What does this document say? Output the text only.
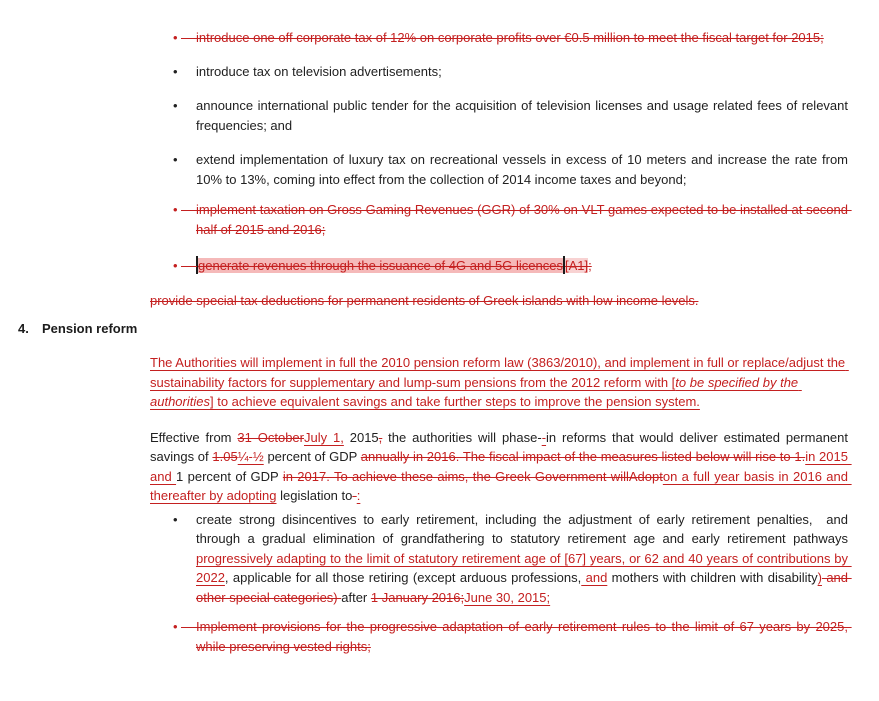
•	introduce one off corporate tax of 12% on corporate profits over €0.5 million to meet the fiscal target for 2015;
•	introduce tax on television advertisements;
•	announce international public tender for the acquisition of television licenses and usage related fees of relevant frequencies; and
•	extend implementation of luxury tax on recreational vessels in excess of 10 meters and increase the rate from 10% to 13%, coming into effect from the collection of 2014 income taxes and beyond;
•	implement taxation on Gross Gaming Revenues (GGR) of 30% on VLT games expected to be installed at second half of 2015 and 2016;
•	generate revenues through the issuance of 4G and 5G licences [A1];
provide special tax deductions for permanent residents of Greek islands with low income levels.
4.	Pension reform
The Authorities will implement in full the 2010 pension reform law (3863/2010), and implement in full or replace/adjust the sustainability factors for supplementary and lump-sum pensions from the 2012 reform with [to be specified by the authorities] to achieve equivalent savings and take further steps to improve the pension system.
Effective from 31 OctoberJuly 1, 2015, the authorities will phase--in reforms that would deliver estimated permanent savings of 1.05¼-½ percent of GDP annually in 2016. The fiscal impact of the measures listed below will rise to 1.in 2015 and 1 percent of GDP in 2017. To achieve these aims, the Greek Government willAdopton a full year basis in 2016 and thereafter by adopting legislation to-:
•	create strong disincentives to early retirement, including the adjustment of early retirement penalties,  and through a gradual elimination of grandfathering to statutory retirement age and early retirement pathways progressively adapting to the limit of statutory retirement age of [67] years, or 62 and 40 years of contributions by 2022, applicable for all those retiring (except arduous professions, and mothers with children with disability) and other special categories) after 1 January 2016;June 30, 2015;
•	Implement provisions for the progressive adaptation of early retirement rules to the limit of 67 years by 2025, while preserving vested rights;
